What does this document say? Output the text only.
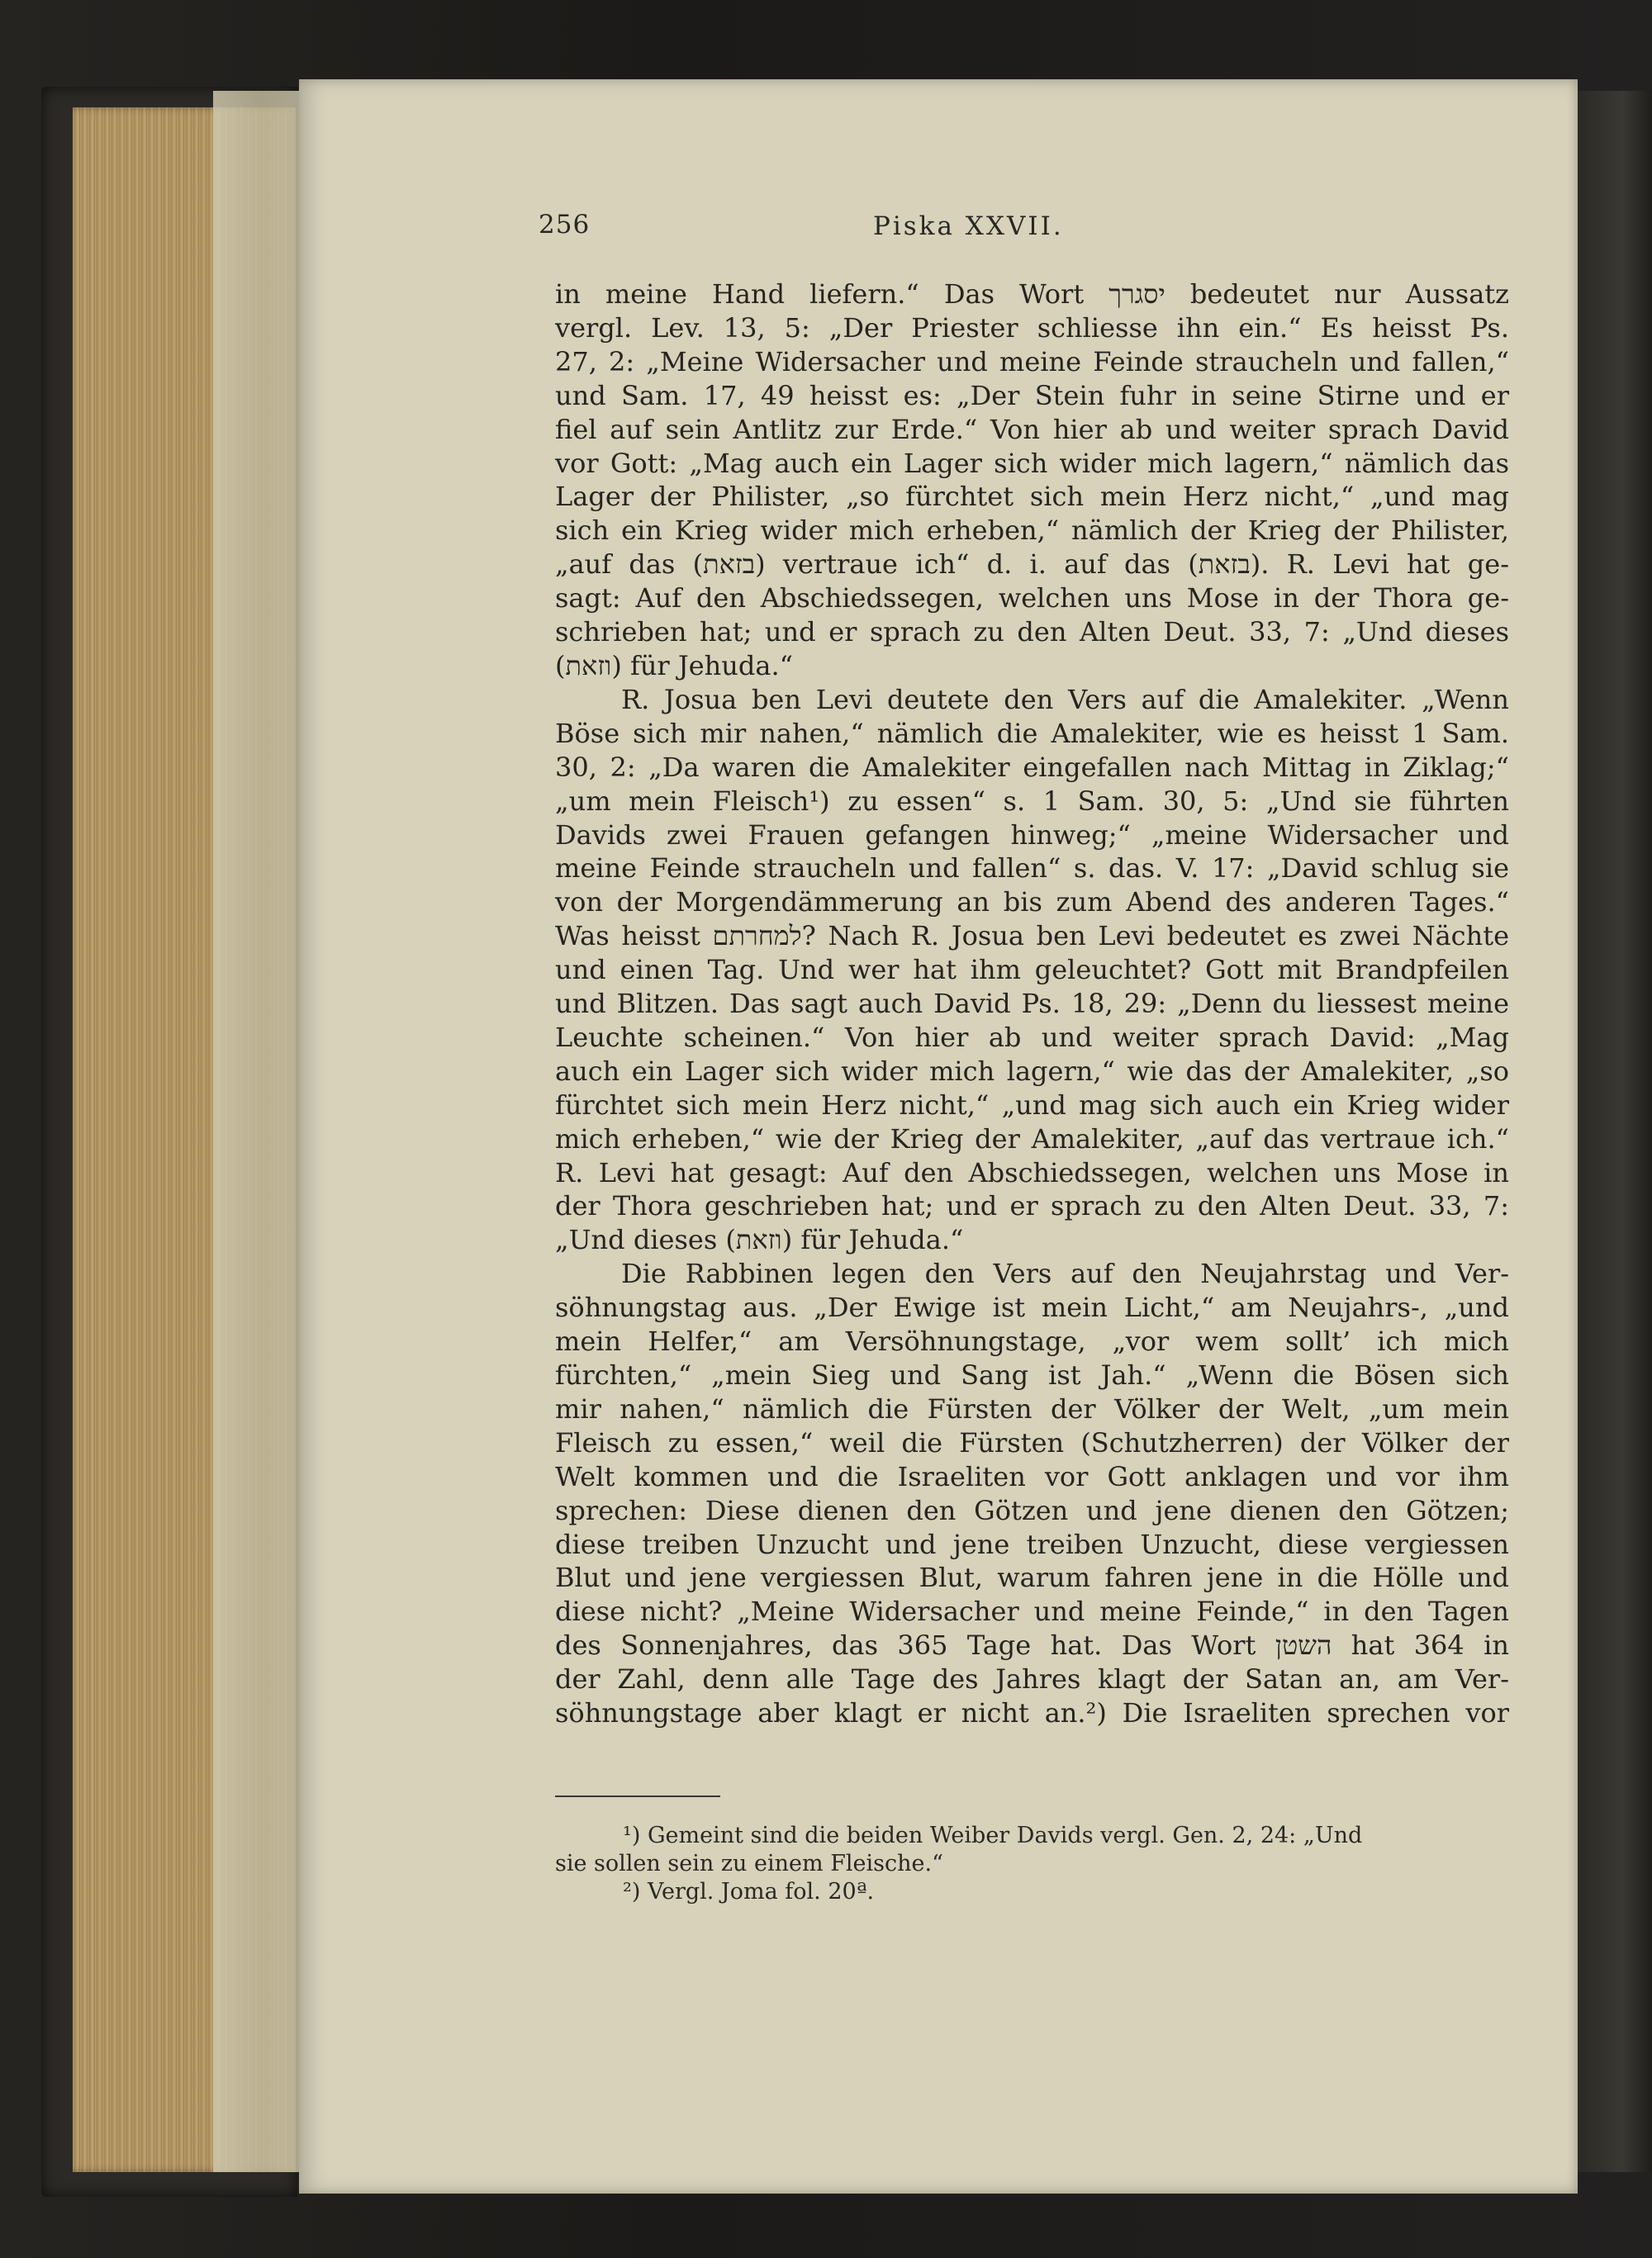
256	Piska XXVII.
in meine Hand liefern.“ Das Wort יסגרך bedeutet nur Aussatz
vergl. Lev. 13, 5: „Der Priester schliesse ihn ein.“ Es heisst Ps.
27, 2: „Meine Widersacher und meine Feinde straucheln und fallen,“
und Sam. 17, 49 heisst es: „Der Stein fuhr in seine Stirne und er
fiel auf sein Antlitz zur Erde.“ Von hier ab und weiter sprach David
vor Gott: „Mag auch ein Lager sich wider mich lagern,“ nämlich das
Lager der Philister, „so fürchtet sich mein Herz nicht,“ „und mag
sich ein Krieg wider mich erheben,“ nämlich der Krieg der Philister,
„auf das (בזאת) vertraue ich“ d. i. auf das (בזאת). R. Levi hat ge-
sagt: Auf den Abschiedssegen, welchen uns Mose in der Thora ge-
schrieben hat; und er sprach zu den Alten Deut. 33, 7: „Und dieses
(וזאת) für Jehuda.“
R. Josua ben Levi deutete den Vers auf die Amalekiter. „Wenn
Böse sich mir nahen,“ nämlich die Amalekiter, wie es heisst 1 Sam.
30, 2: „Da waren die Amalekiter eingefallen nach Mittag in Ziklag;“
„um mein Fleisch¹) zu essen“ s. 1 Sam. 30, 5: „Und sie führten
Davids zwei Frauen gefangen hinweg;“ „meine Widersacher und
meine Feinde straucheln und fallen“ s. das. V. 17: „David schlug sie
von der Morgendämmerung an bis zum Abend des anderen Tages.“
Was heisst למחרתם? Nach R. Josua ben Levi bedeutet es zwei Nächte
und einen Tag. Und wer hat ihm geleuchtet? Gott mit Brandpfeilen
und Blitzen. Das sagt auch David Ps. 18, 29: „Denn du liessest meine
Leuchte scheinen.“ Von hier ab und weiter sprach David: „Mag
auch ein Lager sich wider mich lagern,“ wie das der Amalekiter, „so
fürchtet sich mein Herz nicht,“ „und mag sich auch ein Krieg wider
mich erheben,“ wie der Krieg der Amalekiter, „auf das vertraue ich.“
R. Levi hat gesagt: Auf den Abschiedssegen, welchen uns Mose in
der Thora geschrieben hat; und er sprach zu den Alten Deut. 33, 7:
„Und dieses (וזאת) für Jehuda.“
Die Rabbinen legen den Vers auf den Neujahrstag und Ver-
söhnungstag aus. „Der Ewige ist mein Licht,“ am Neujahrs-, „und
mein Helfer,“ am Versöhnungstage, „vor wem sollt’ ich mich
fürchten,“ „mein Sieg und Sang ist Jah.“ „Wenn die Bösen sich
mir nahen,“ nämlich die Fürsten der Völker der Welt, „um mein
Fleisch zu essen,“ weil die Fürsten (Schutzherren) der Völker der
Welt kommen und die Israeliten vor Gott anklagen und vor ihm
sprechen: Diese dienen den Götzen und jene dienen den Götzen;
diese treiben Unzucht und jene treiben Unzucht, diese vergiessen
Blut und jene vergiessen Blut, warum fahren jene in die Hölle und
diese nicht? „Meine Widersacher und meine Feinde,“ in den Tagen
des Sonnenjahres, das 365 Tage hat. Das Wort השטן hat 364 in
der Zahl, denn alle Tage des Jahres klagt der Satan an, am Ver-
söhnungstage aber klagt er nicht an.²) Die Israeliten sprechen vor
¹) Gemeint sind die beiden Weiber Davids vergl. Gen. 2, 24: „Und
sie sollen sein zu einem Fleische.“
²) Vergl. Joma fol. 20ª.
